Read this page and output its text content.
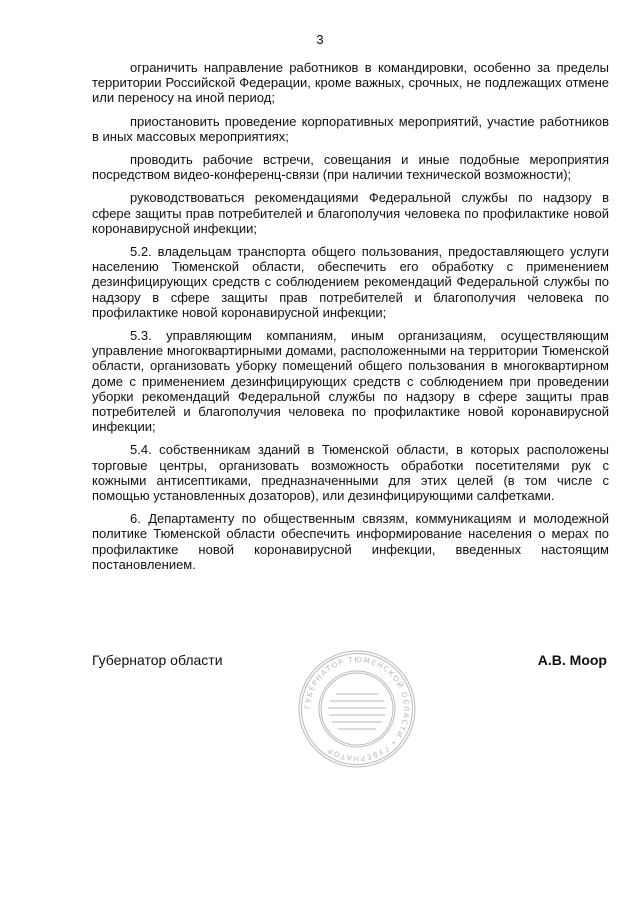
3

ограничить направление работников в командировки, особенно за пределы территории Российской Федерации, кроме важных, срочных, не подлежащих отмене или переносу на иной период;

приостановить проведение корпоративных мероприятий, участие работников в иных массовых мероприятиях;

проводить рабочие встречи, совещания и иные подобные мероприятия посредством видео-конференц-связи (при наличии технической возможности);

руководствоваться рекомендациями Федеральной службы по надзору в сфере защиты прав потребителей и благополучия человека по профилактике новой коронавирусной инфекции;

5.2. владельцам транспорта общего пользования, предоставляющего услуги населению Тюменской области, обеспечить его обработку с применением дезинфицирующих средств с соблюдением рекомендаций Федеральной службы по надзору в сфере защиты прав потребителей и благополучия человека по профилактике новой коронавирусной инфекции;

5.3. управляющим компаниям, иным организациям, осуществляющим управление многоквартирными домами, расположенными на территории Тюменской области, организовать уборку помещений общего пользования в многоквартирном доме с применением дезинфицирующих средств с соблюдением при проведении уборки рекомендаций Федеральной службы по надзору в сфере защиты прав потребителей и благополучия человека по профилактике новой коронавирусной инфекции;

5.4. собственникам зданий в Тюменской области, в которых расположены торговые центры, организовать возможность обработки посетителями рук с кожными антисептиками, предназначенными для этих целей (в том числе с помощью установленных дозаторов), или дезинфицирующими салфетками.

6. Департаменту по общественным связям, коммуникациям и молодежной политике Тюменской области обеспечить информирование населения о мерах по профилактике новой коронавирусной инфекции, введенных настоящим постановлением.

Губернатор области	А.В. Моор
ГУБЕРНАТОР ТЮМЕНСКОЙ ОБЛАСТИ • ГУБЕРНАТОР
